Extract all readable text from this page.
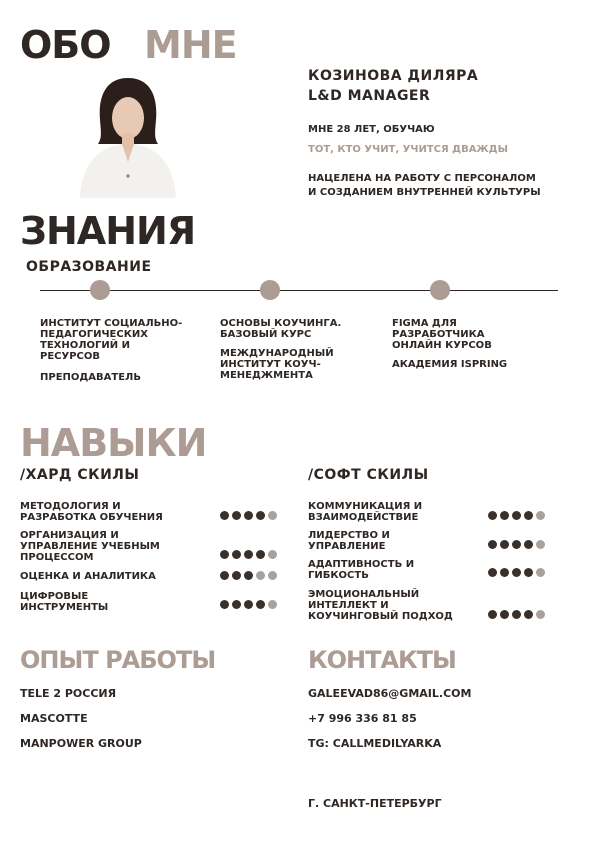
ОБО МНЕ
КОЗИНОВА ДИЛЯРА
L&D MANAGER
МНЕ 28 ЛЕТ, ОБУЧАЮ
ТОТ, КТО УЧИТ, УЧИТСЯ ДВАЖДЫ
НАЦЕЛЕНА НА РАБОТУ С ПЕРСОНАЛОМ
И СОЗДАНИЕМ ВНУТРЕННЕЙ КУЛЬТУРЫ
ЗНАНИЯ
ОБРАЗОВАНИЕ
ИНСТИТУТ СОЦИАЛЬНО-
ПЕДАГОГИЧЕСКИХ
ТЕХНОЛОГИЙ И
РЕСУРСОВ
ПРЕПОДАВАТЕЛЬ
ОСНОВЫ КОУЧИНГА.
БАЗОВЫЙ КУРС
МЕЖДУНАРОДНЫЙ
ИНСТИТУТ КОУЧ-
МЕНЕДЖМЕНТА
FIGMA ДЛЯ
РАЗРАБОТЧИКА
ОНЛАЙН КУРСОВ
АКАДЕМИЯ ISPRING
НАВЫКИ
/ХАРД СКИЛЫ	/СОФТ СКИЛЫ
МЕТОДОЛОГИЯ И
РАЗРАБОТКА ОБУЧЕНИЯ
ОРГАНИЗАЦИЯ И
УПРАВЛЕНИЕ УЧЕБНЫМ
ПРОЦЕССОМ
ОЦЕНКА И АНАЛИТИКА
ЦИФРОВЫЕ
ИНСТРУМЕНТЫ
КОММУНИКАЦИЯ И
ВЗАИМОДЕЙСТВИЕ
ЛИДЕРСТВО И
УПРАВЛЕНИЕ
АДАПТИВНОСТЬ И
ГИБКОСТЬ
ЭМОЦИОНАЛЬНЫЙ
ИНТЕЛЛЕКТ И
КОУЧИНГОВЫЙ ПОДХОД
ОПЫТ РАБОТЫ
TELE 2 РОССИЯ
MASCOTTE
MANPOWER GROUP
КОНТАКТЫ
GALEEVAD86@GMAIL.COM
+7 996 336 81 85
TG: CALLMEDILYARKA
Г. САНКТ-ПЕТЕРБУРГ
